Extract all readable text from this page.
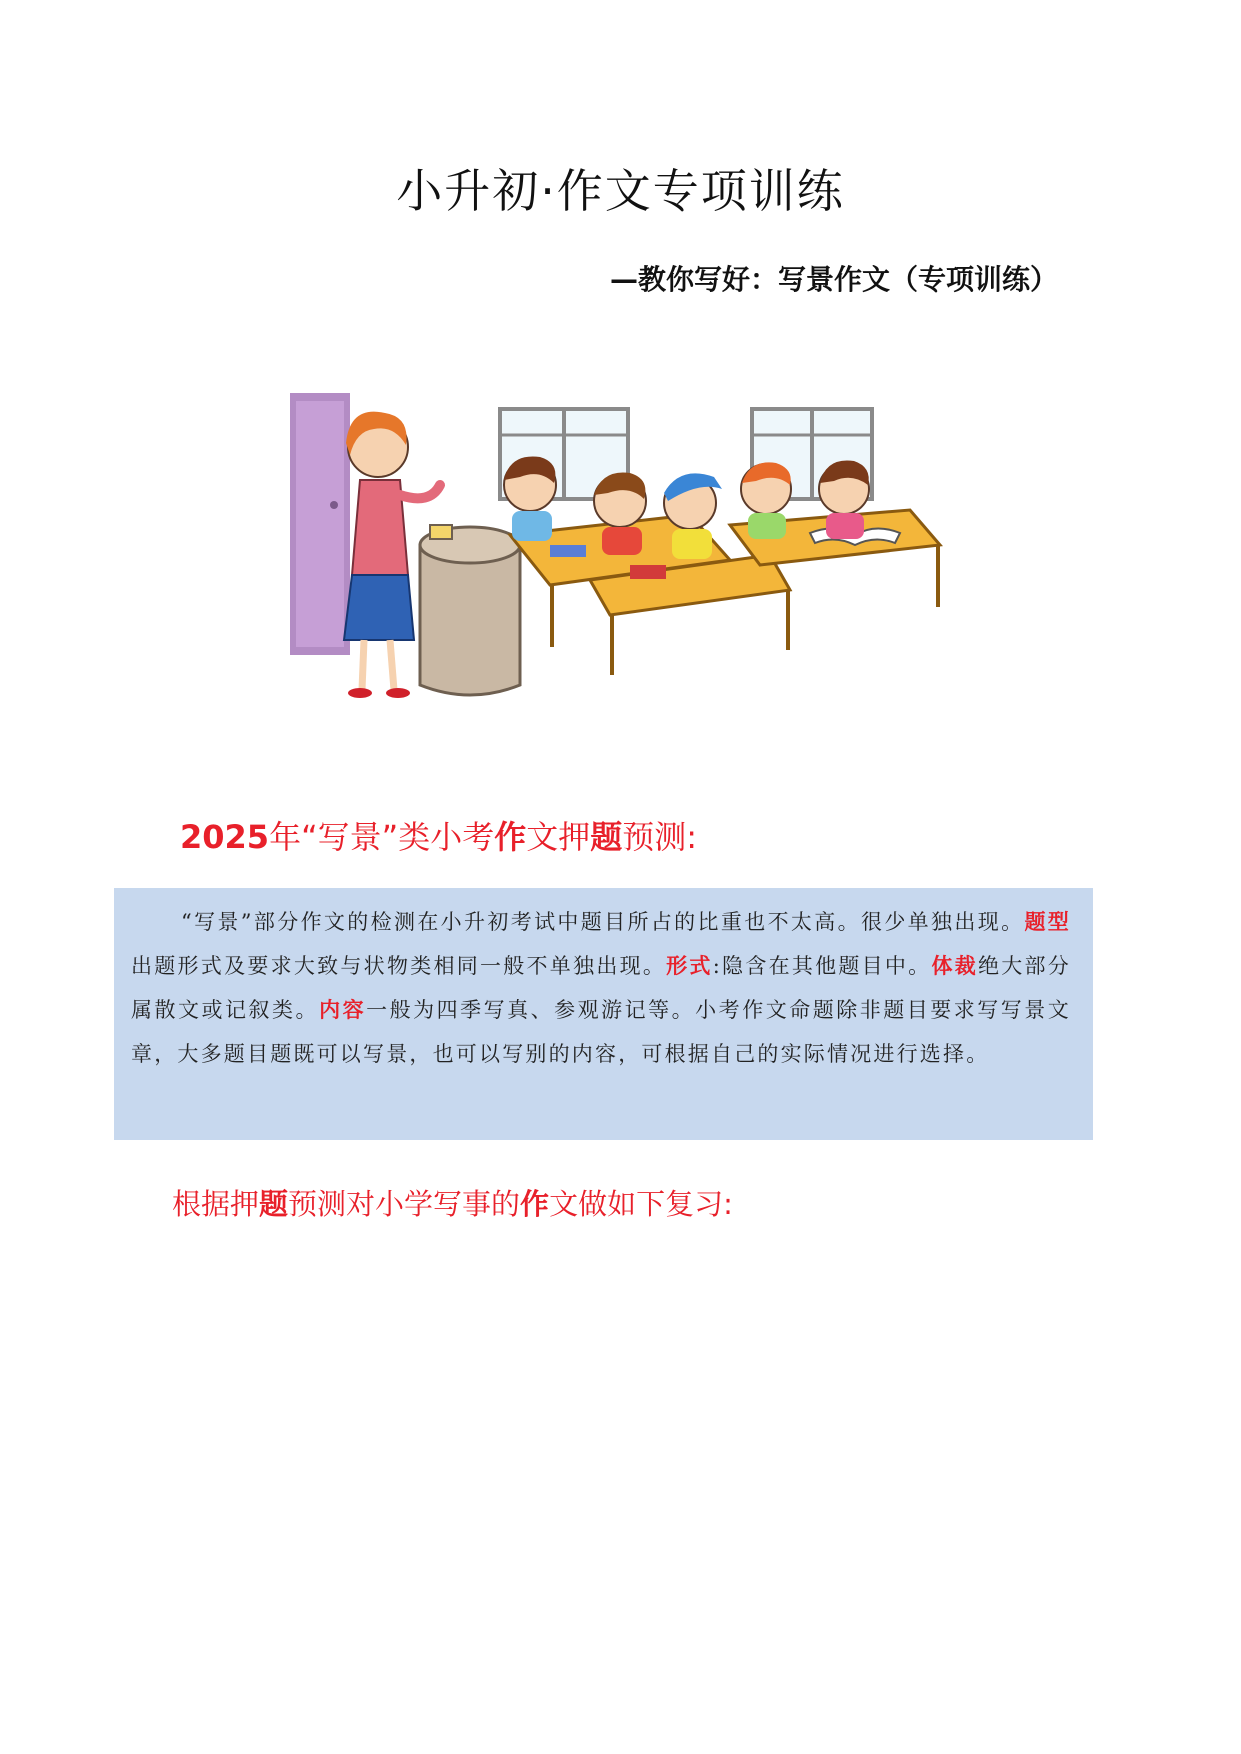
小升初·作文专项训练
—教你写好：写景作文（专项训练）
2025年“写景”类小考作文押题预测:
“写景”部分作文的检测在小升初考试中题目所占的比重也不太高。很少单独出现。题型出题形式及要求大致与状物类相同一般不单独出现。形式:隐含在其他题目中。体裁绝大部分属散文或记叙类。内容一般为四季写真、参观游记等。小考作文命题除非题目要求写写景文章，大多题目题既可以写景，也可以写别的内容，可根据自己的实际情况进行选择。
根据押题预测对小学写事的作文做如下复习:
